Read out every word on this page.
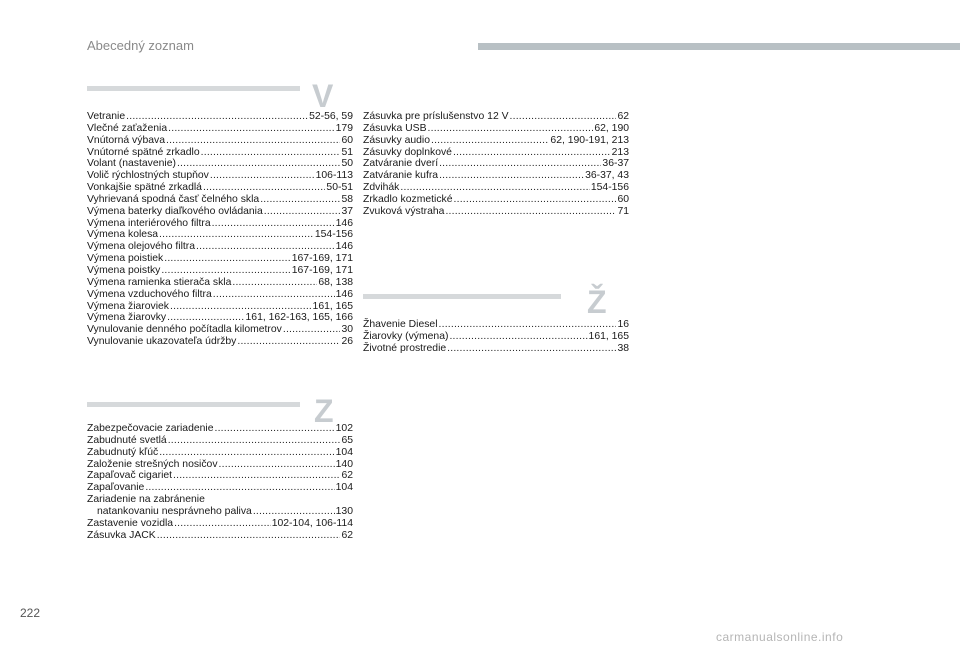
Abecedný zoznam
V
Vetranie .....	52-56, 59
Vlečné zaťaženia .....	179
Vnútorná výbava .....	60
Vnútorné spätné zrkadlo .....	51
Volant (nastavenie) .....	50
Volič rýchlostných stupňov .....	106-113
Vonkajšie spätné zrkadlá .....	50-51
Vyhrievaná spodná časť čelného skla .....	58
Výmena baterky diaľkového ovládania .....	37
Výmena interiérového filtra .....	146
Výmena kolesa .....	154-156
Výmena olejového filtra .....	146
Výmena poistiek .....	167-169, 171
Výmena poistky .....	167-169, 171
Výmena ramienka stierača skla .....	68, 138
Výmena vzduchového filtra .....	146
Výmena žiaroviek .....	161, 165
Výmena žiarovky .....	161, 162-163, 165, 166
Vynulovanie denného počítadla kilometrov .....	30
Vynulovanie ukazovateľa údržby .....	26
Zásuvka pre príslušenstvo 12 V .....	62
Zásuvka USB .....	62, 190
Zásuvky audio .....	62, 190-191, 213
Zásuvky doplnkové .....	213
Zatváranie dverí .....	36-37
Zatváranie kufra .....	36-37, 43
Zdvihák .....	154-156
Zrkadlo kozmetické .....	60
Zvuková výstraha .....	71
Ž
Žhavenie Diesel .....	16
Žiarovky (výmena) .....	161, 165
Životné prostredie .....	38
Z
Zabezpečovacie zariadenie .....	102
Zabudnuté svetlá .....	65
Zabudnutý kľúč .....	104
Založenie strešných nosičov .....	140
Zapaľovač cigariet .....	62
Zapaľovanie .....	104
Zariadenie na zabránenie
natankovaniu nesprávneho paliva .....	130
Zastavenie vozidla .....	102-104, 106-114
Zásuvka JACK .....	62
222
carmanualsonline.info
